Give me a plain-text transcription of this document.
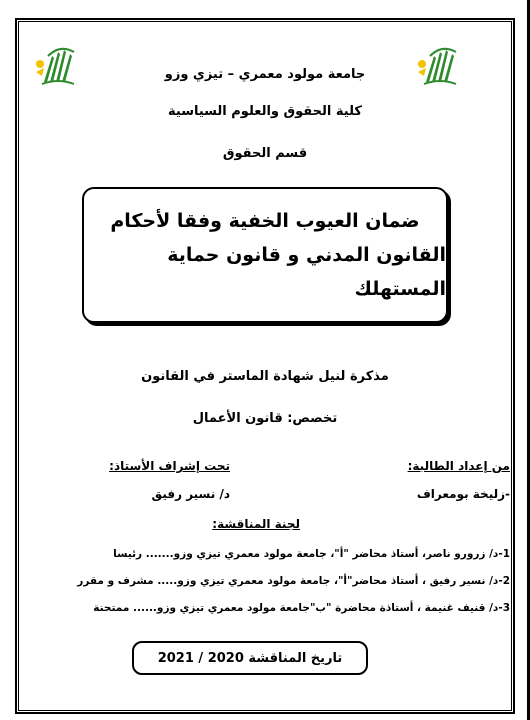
جامعة مولود معمري – تيزي وزو
كلية الحقوق والعلوم السياسية
قسم الحقوق
ضمان العيوب الخفية وفقا لأحكام
القانون المدني و قانون حماية المستهلك
مذكرة لنيل شهادة الماستر في القانون
تخصص: قانون الأعمال
من إعداد الطالبة:
تحت إشراف الأستاذ:
-زليخة بومعراف
د/ نسير رفيق
لجنة المناقشة:
1-د/ زرورو ناصر، أستاذ محاضر "أ"، جامعة مولود معمري تيزي وزو....... رئيسا
2-د/ نسير رفيق ، أستاذ محاضر"أ"، جامعة مولود معمري تيزي وزو..... مشرف و مقرر
3-د/ قنيف غنيمة ، أستاذة محاضرة "ب"جامعة مولود معمري تيزي وزو...... ممتحنة
تاريخ المناقشة 2020 / 2021
